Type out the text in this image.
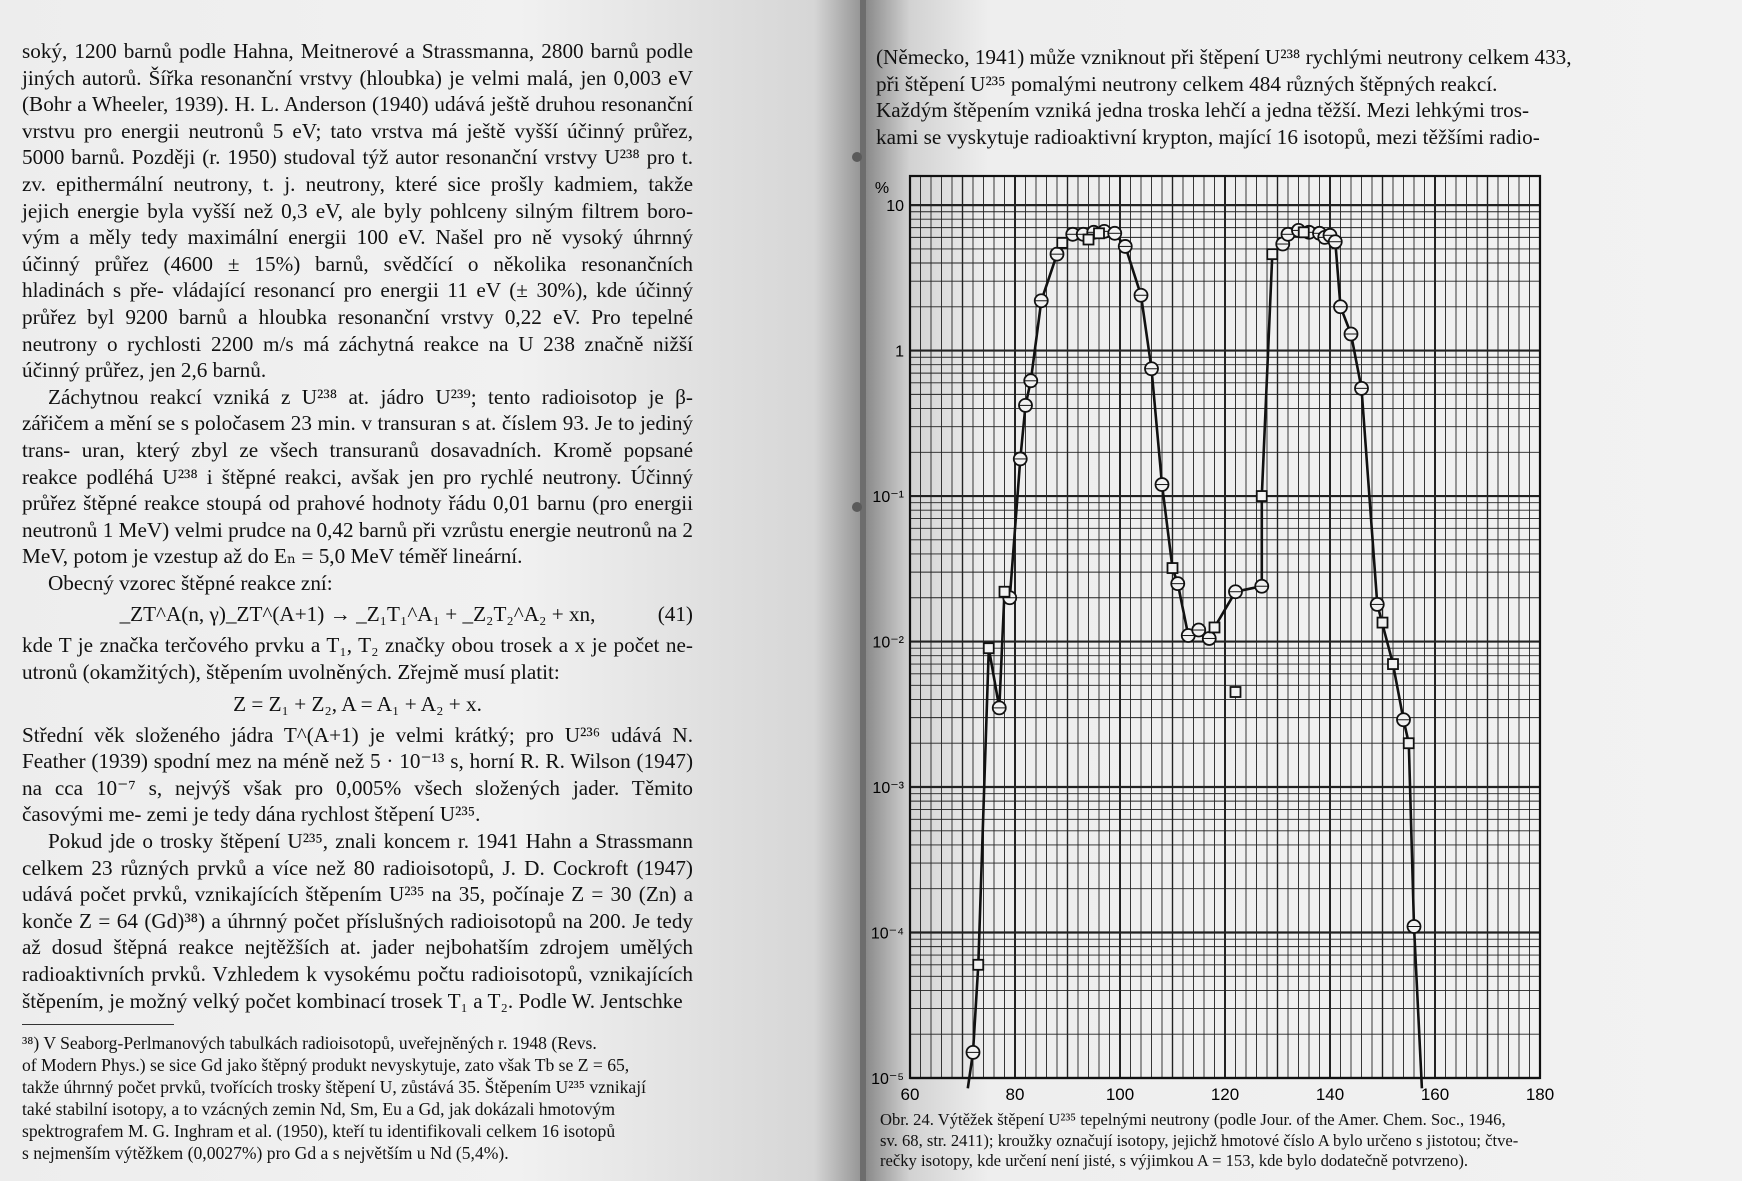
soký, 1200 barnů podle Hahna, Meitnerové a Strassmanna, 2800 barnů podle jiných autorů. Šířka resonanční vrstvy (hloubka) je velmi malá, jen 0,003 eV (Bohr a Wheeler, 1939). H. L. Anderson (1940) udává ještě druhou resonanční vrstvu pro energii neutronů 5 eV; tato vrstva má ještě vyšší účinný průřez, 5000 barnů. Později (r. 1950) studoval týž autor resonanční vrstvy U²³⁸ pro t. zv. epithermální neutrony, t. j. neutrony, které sice prošly kadmiem, takže jejich energie byla vyšší než 0,3 eV, ale byly pohlceny silným filtrem boro- vým a měly tedy maximální energii 100 eV. Našel pro ně vysoký úhrnný účinný průřez (4600 ± 15%) barnů, svědčící o několika resonančních hladinách s pře- vládající resonancí pro energii 11 eV (± 30%), kde účinný průřez byl 9200 barnů a hloubka resonanční vrstvy 0,22 eV. Pro tepelné neutrony o rychlosti 2200 m/s má záchytná reakce na U 238 značně nižší účinný průřez, jen 2,6 barnů.

Záchytnou reakcí vzniká z U²³⁸ at. jádro U²³⁹; tento radioisotop je β-zářičem a mění se s poločasem 23 min. v transuran s at. číslem 93. Je to jediný trans- uran, který zbyl ze všech transuranů dosavadních. Kromě popsané reakce podléhá U²³⁸ i štěpné reakci, avšak jen pro rychlé neutrony. Účinný průřez štěpné reakce stoupá od prahové hodnoty řádu 0,01 barnu (pro energii neutronů 1 MeV) velmi prudce na 0,42 barnů při vzrůstu energie neutronů na 2 MeV, potom je vzestup až do Eₙ = 5,0 MeV téměř lineární.

Obecný vzorec štěpné reakce zní:

_ZT^A(n, γ)_ZT^(A+1) → _Z₁T₁^A₁ + _Z₂T₂^A₂ + xn,	(41)

kde T je značka terčového prvku a T₁, T₂ značky obou trosek a x je počet ne- utronů (okamžitých), štěpením uvolněných. Zřejmě musí platit:

Z = Z₁ + Z₂, A = A₁ + A₂ + x.

Střední věk složeného jádra T^(A+1) je velmi krátký; pro U²³⁶ udává N. Feather (1939) spodní mez na méně než 5 · 10⁻¹³ s, horní R. R. Wilson (1947) na cca 10⁻⁷ s, nejvýš však pro 0,005% všech složených jader. Těmito časovými me- zemi je tedy dána rychlost štěpení U²³⁵.

Pokud jde o trosky štěpení U²³⁵, znali koncem r. 1941 Hahn a Strassmann celkem 23 různých prvků a více než 80 radioisotopů, J. D. Cockroft (1947) udává počet prvků, vznikajících štěpením U²³⁵ na 35, počínaje Z = 30 (Zn) a konče Z = 64 (Gd)³⁸) a úhrnný počet příslušných radioisotopů na 200. Je tedy až dosud štěpná reakce nejtěžších at. jader nejbohatším zdrojem umělých radioaktivních prvků. Vzhledem k vysokému počtu radioisotopů, vznikajících štěpením, je možný velký počet kombinací trosek T₁ a T₂. Podle W. Jentschke

³⁸) V Seaborg-Perlmanových tabulkách radioisotopů, uveřejněných r. 1948 (Revs.

of Modern Phys.) se sice Gd jako štěpný produkt nevyskytuje, zato však Tb se Z = 65,

takže úhrnný počet prvků, tvořících trosky štěpení U, zůstává 35. Štěpením U²³⁵ vznikají

také stabilní isotopy, a to vzácných zemin Nd, Sm, Eu a Gd, jak dokázali hmotovým

spektrografem M. G. Inghram et al. (1950), kteří tu identifikovali celkem 16 isotopů

s nejmenším výtěžkem (0,0027%) pro Gd a s největším u Nd (5,4%).

(Německo, 1941) může vzniknout při štěpení U²³⁸ rychlými neutrony celkem 433,

při štěpení U²³⁵ pomalými neutrony celkem 484 různých štěpných reakcí.

Každým štěpením vzniká jedna troska lehčí a jedna těžší. Mezi lehkými tros-

kami se vyskytuje radioaktivní krypton, mající 16 isotopů, mezi těžšími radio-

60	80	100	120	140	160	180
10
1
10⁻¹
10⁻²
10⁻³
10⁻⁴
10⁻⁵
%

Obr. 24. Výtěžek štěpení U²³⁵ tepelnými neutrony (podle Jour. of the Amer. Chem. Soc., 1946,

sv. 68, str. 2411); kroužky označují isotopy, jejichž hmotové číslo A bylo určeno s jistotou; čtve-

rečky isotopy, kde určení není jisté, s výjimkou A = 153, kde bylo dodatečně potvrzeno).
